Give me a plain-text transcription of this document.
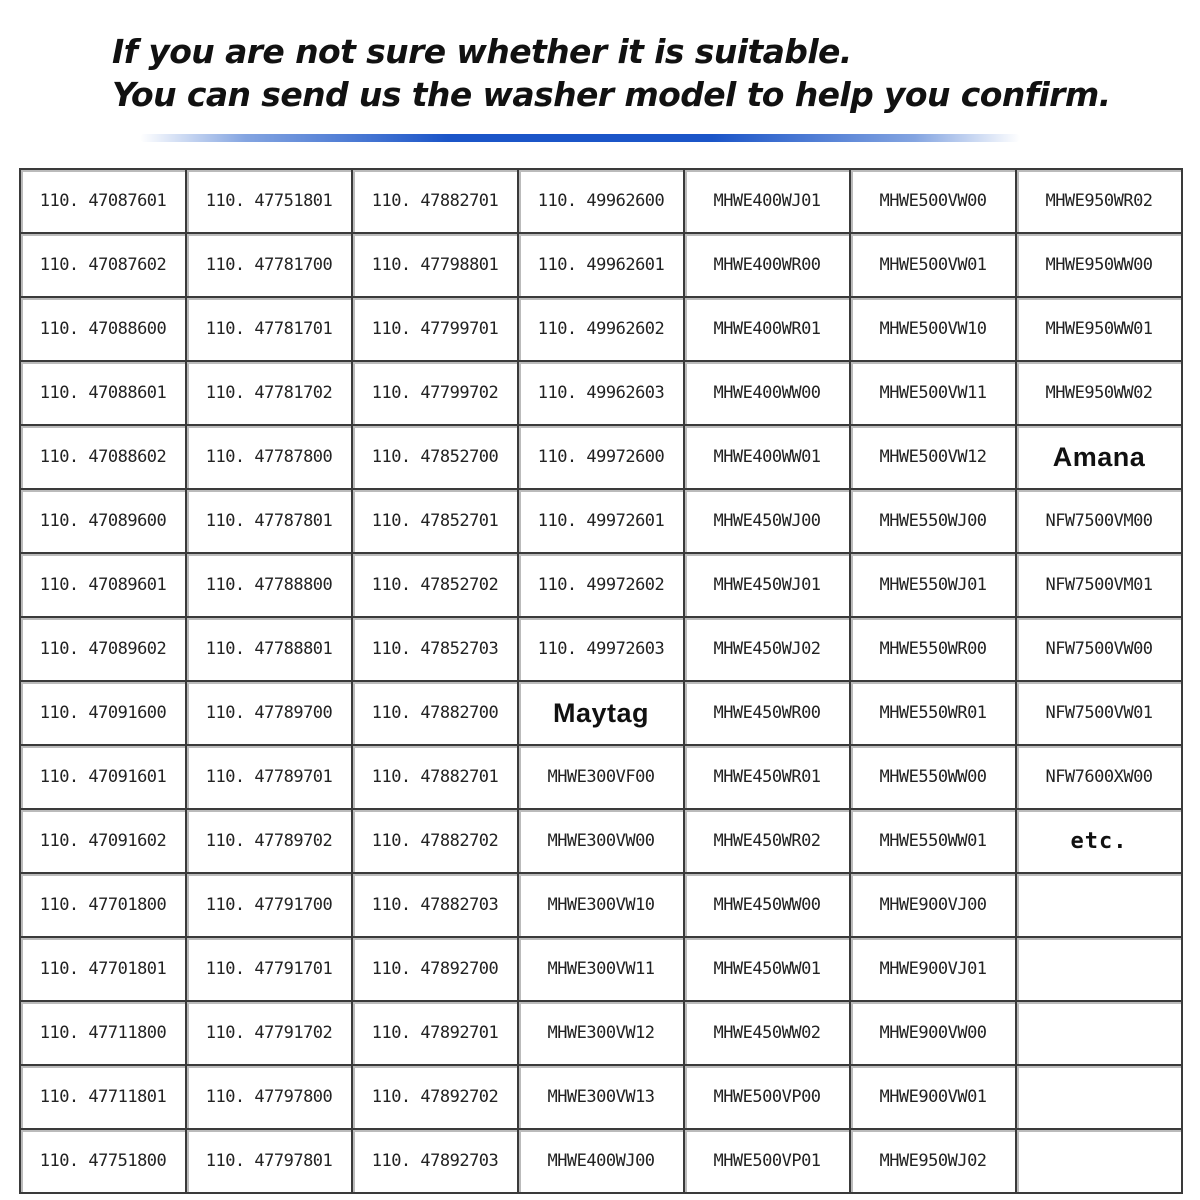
If you are not sure whether it is suitable.
You can send us the washer model to help you confirm.
110. 47087601	110. 47751801	110. 47882701	110. 49962600	MHWE400WJ01	MHWE500VW00	MHWE950WR02
110. 47087602	110. 47781700	110. 47798801	110. 49962601	MHWE400WR00	MHWE500VW01	MHWE950WW00
110. 47088600	110. 47781701	110. 47799701	110. 49962602	MHWE400WR01	MHWE500VW10	MHWE950WW01
110. 47088601	110. 47781702	110. 47799702	110. 49962603	MHWE400WW00	MHWE500VW11	MHWE950WW02
110. 47088602	110. 47787800	110. 47852700	110. 49972600	MHWE400WW01	MHWE500VW12	Amana
110. 47089600	110. 47787801	110. 47852701	110. 49972601	MHWE450WJ00	MHWE550WJ00	NFW7500VM00
110. 47089601	110. 47788800	110. 47852702	110. 49972602	MHWE450WJ01	MHWE550WJ01	NFW7500VM01
110. 47089602	110. 47788801	110. 47852703	110. 49972603	MHWE450WJ02	MHWE550WR00	NFW7500VW00
110. 47091600	110. 47789700	110. 47882700	Maytag	MHWE450WR00	MHWE550WR01	NFW7500VW01
110. 47091601	110. 47789701	110. 47882701	MHWE300VF00	MHWE450WR01	MHWE550WW00	NFW7600XW00
110. 47091602	110. 47789702	110. 47882702	MHWE300VW00	MHWE450WR02	MHWE550WW01	etc.
110. 47701800	110. 47791700	110. 47882703	MHWE300VW10	MHWE450WW00	MHWE900VJ00	
110. 47701801	110. 47791701	110. 47892700	MHWE300VW11	MHWE450WW01	MHWE900VJ01	
110. 47711800	110. 47791702	110. 47892701	MHWE300VW12	MHWE450WW02	MHWE900VW00	
110. 47711801	110. 47797800	110. 47892702	MHWE300VW13	MHWE500VP00	MHWE900VW01	
110. 47751800	110. 47797801	110. 47892703	MHWE400WJ00	MHWE500VP01	MHWE950WJ02	
